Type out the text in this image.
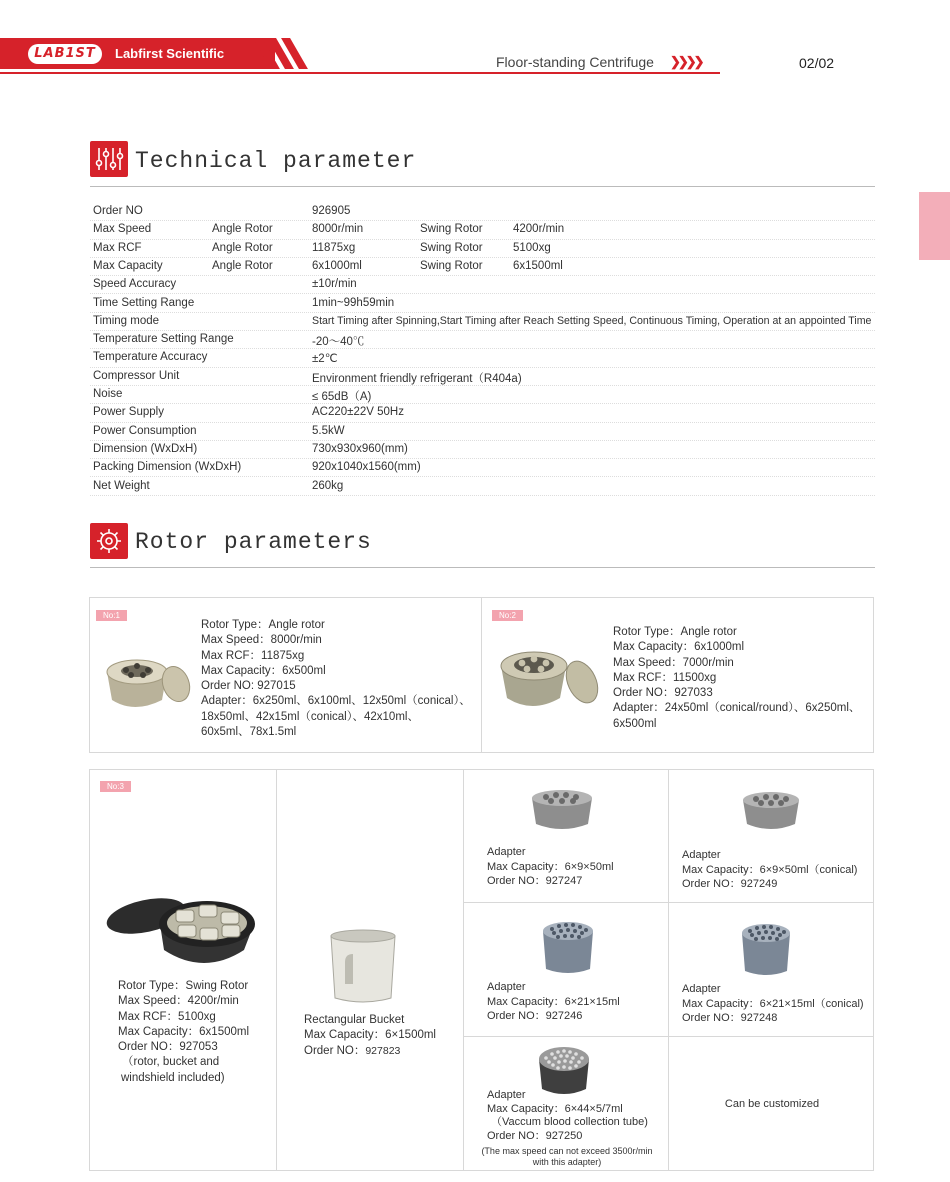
LAB1ST	Labfirst Scientific
Floor-standing Centrifuge ❯❯❯❯	02/02
Technical parameter
Order NO	926905
Max Speed	Angle Rotor	8000r/min	Swing Rotor	4200r/min
Max RCF	Angle Rotor	11875xg	Swing Rotor	5100xg
Max Capacity	Angle Rotor	6x1000ml	Swing Rotor	6x1500ml
Speed Accuracy	±10r/min
Time Setting Range	1min~99h59min
Timing mode	Start Timing after Spinning,Start Timing after Reach Setting Speed, Continuous Timing, Operation at an appointed Time
Temperature Setting Range	-20～40℃
Temperature Accuracy	±2℃
Compressor Unit	Environment friendly refrigerant（R404a)
Noise	≤ 65dB（A)
Power Supply	AC220±22V 50Hz
Power Consumption	5.5kW
Dimension (WxDxH)	730x930x960(mm)
Packing Dimension (WxDxH)	920x1040x1560(mm)
Net Weight	260kg
Rotor parameters
No:1
Rotor Type：Angle rotor
Max Speed：8000r/min
Max RCF：11875xg
Max Capacity：6x500ml
Order NO: 927015
Adapter：6x250ml、6x100ml、12x50ml（conical）、
18x50ml、42x15ml（conical）、42x10ml、
60x5ml、78x1.5ml
No:2
Rotor Type：Angle rotor
Max Capacity：6x1000ml
Max Speed：7000r/min
Max RCF：11500xg
Order NO：927033
Adapter：24x50ml（conical/round）、6x250ml、
6x500ml
No:3
Rotor Type：Swing Rotor
Max Speed：4200r/min
Max RCF：5100xg
Max Capacity：6x1500ml
Order NO：927053
（rotor, bucket and
windshield included)
Rectangular Bucket
Max Capacity：6×1500ml
Order NO：927823
Adapter
Max Capacity：6×9×50ml
Order NO：927247
Adapter
Max Capacity：6×9×50ml（conical)
Order NO：927249
Adapter
Max Capacity：6×21×15ml
Order NO：927246
Adapter
Max Capacity：6×21×15ml（conical)
Order NO：927248
Adapter
Max Capacity：6×44×5/7ml
（Vaccum blood collection tube)
Order NO：927250
(The max speed can not exceed 3500r/min
with this adapter)
Can be customized
